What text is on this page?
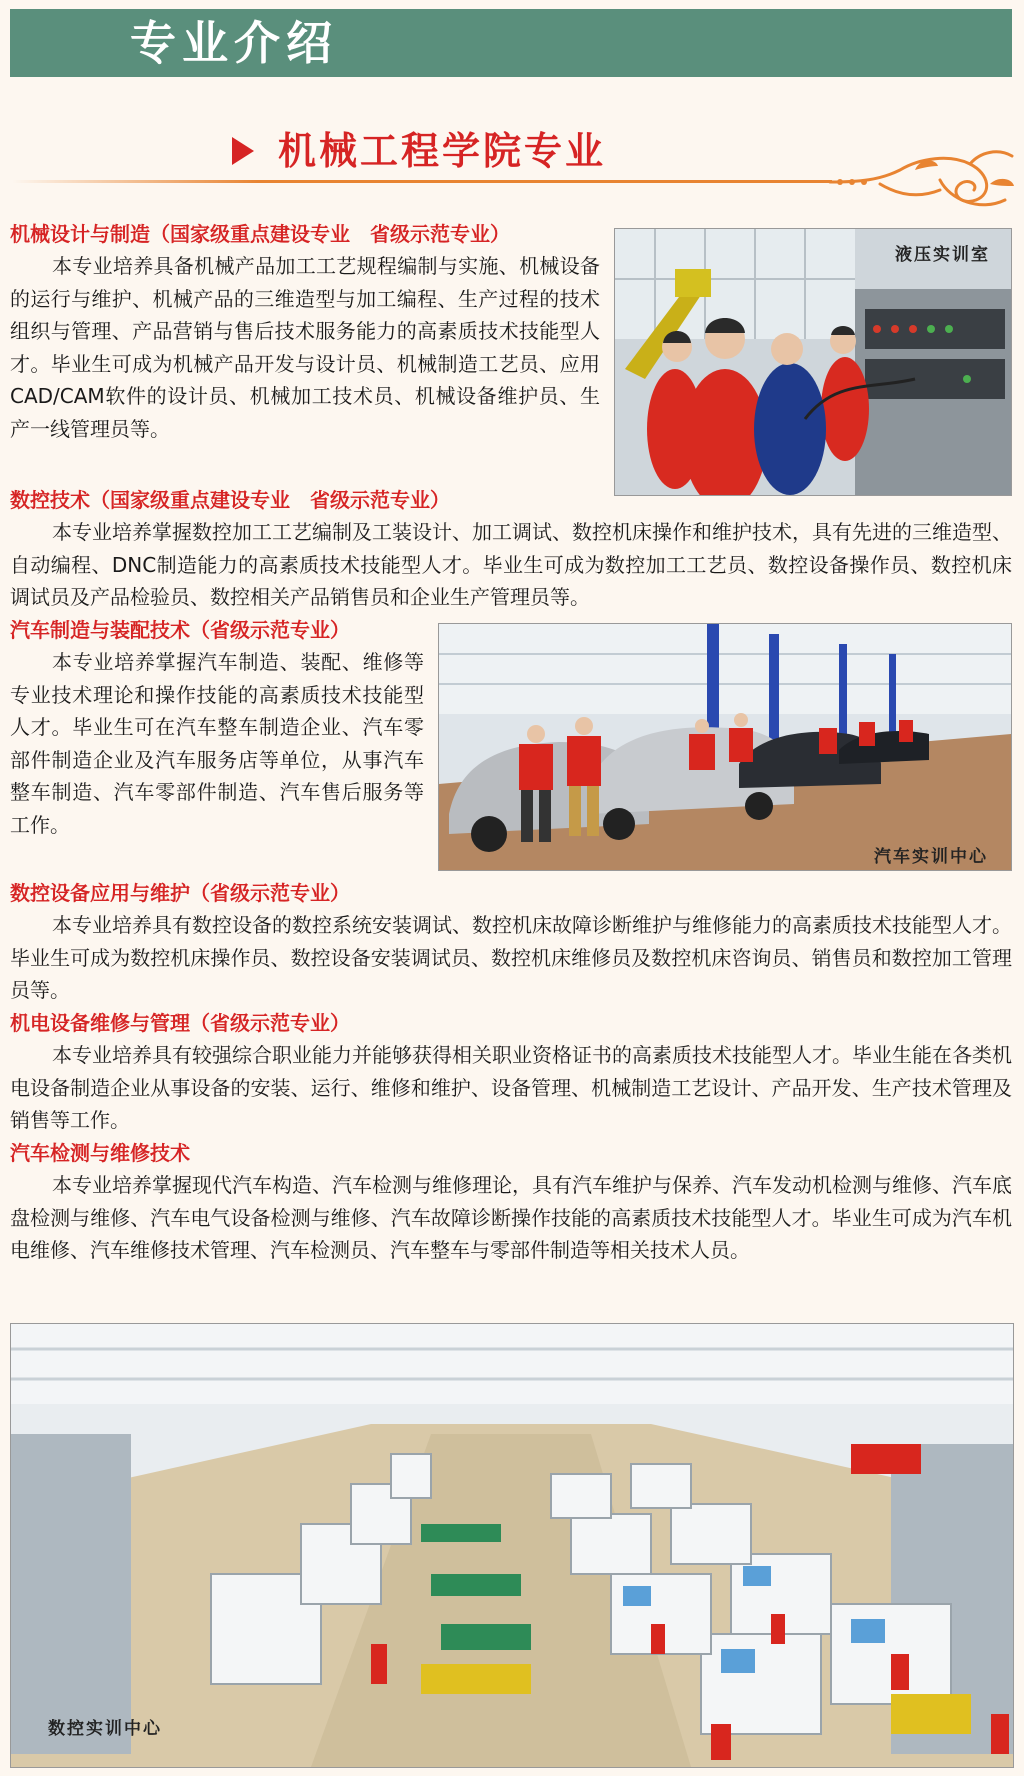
专业介绍
机械工程学院专业
机械设计与制造（国家级重点建设专业　省级示范专业）
本专业培养具备机械产品加工工艺规程编制与实施、机械设备的运行与维护、机械产品的三维造型与加工编程、生产过程的技术组织与管理、产品营销与售后技术服务能力的高素质技术技能型人才。毕业生可成为机械产品开发与设计员、机械制造工艺员、应用CAD/CAM软件的设计员、机械加工技术员、机械设备维护员、生产一线管理员等。
液压实训室
数控技术（国家级重点建设专业　省级示范专业）
本专业培养掌握数控加工工艺编制及工装设计、加工调试、数控机床操作和维护技术，具有先进的三维造型、自动编程、DNC制造能力的高素质技术技能型人才。毕业生可成为数控加工工艺员、数控设备操作员、数控机床调试员及产品检验员、数控相关产品销售员和企业生产管理员等。
汽车制造与装配技术（省级示范专业）
本专业培养掌握汽车制造、装配、维修等专业技术理论和操作技能的高素质技术技能型人才。毕业生可在汽车整车制造企业、汽车零部件制造企业及汽车服务店等单位，从事汽车整车制造、汽车零部件制造、汽车售后服务等工作。
汽车实训中心
数控设备应用与维护（省级示范专业）
本专业培养具有数控设备的数控系统安装调试、数控机床故障诊断维护与维修能力的高素质技术技能型人才。毕业生可成为数控机床操作员、数控设备安装调试员、数控机床维修员及数控机床咨询员、销售员和数控加工管理员等。
机电设备维修与管理（省级示范专业）
本专业培养具有较强综合职业能力并能够获得相关职业资格证书的高素质技术技能型人才。毕业生能在各类机电设备制造企业从事设备的安装、运行、维修和维护、设备管理、机械制造工艺设计、产品开发、生产技术管理及销售等工作。
汽车检测与维修技术
本专业培养掌握现代汽车构造、汽车检测与维修理论，具有汽车维护与保养、汽车发动机检测与维修、汽车底盘检测与维修、汽车电气设备检测与维修、汽车故障诊断操作技能的高素质技术技能型人才。毕业生可成为汽车机电维修、汽车维修技术管理、汽车检测员、汽车整车与零部件制造等相关技术人员。
数控实训中心
